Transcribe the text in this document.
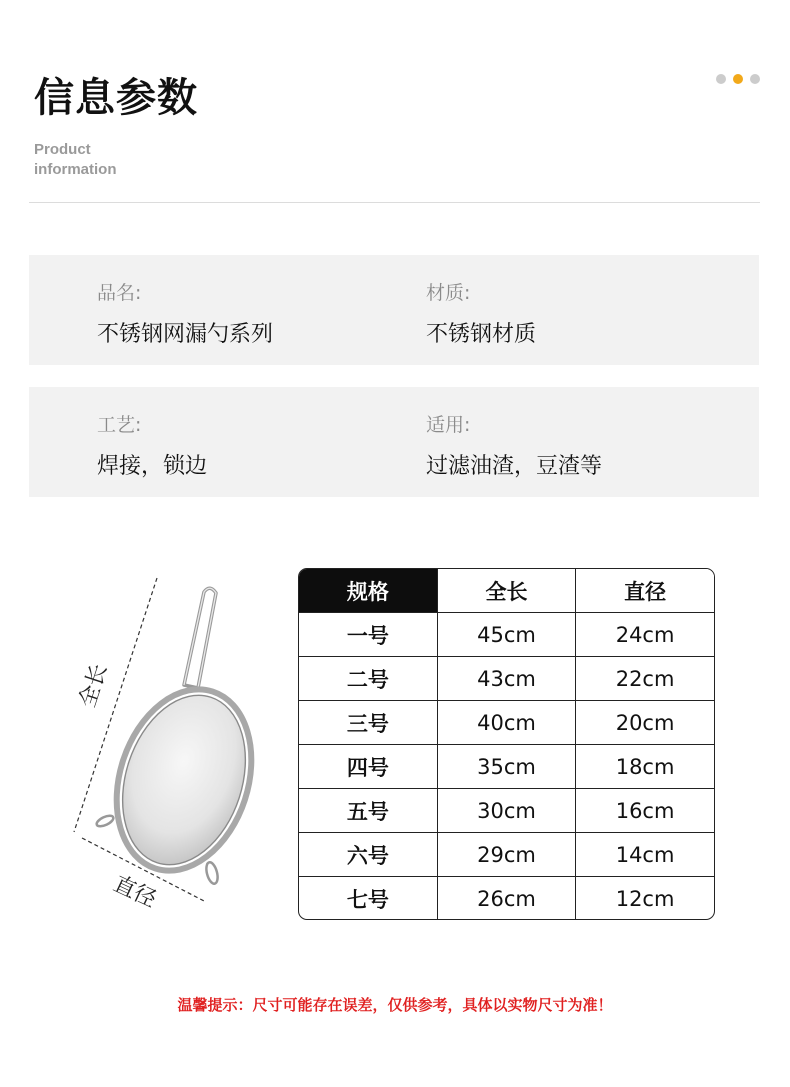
信息参数
Product
information
品名:
不锈钢网漏勺系列
材质:
不锈钢材质
工艺:
焊接，锁边
适用:
过滤油渣，豆渣等
全长
直径
规格	全长	直径
一号	45cm	24cm
二号	43cm	22cm
三号	40cm	20cm
四号	35cm	18cm
五号	30cm	16cm
六号	29cm	14cm
七号	26cm	12cm
温馨提示：尺寸可能存在误差，仅供参考，具体以实物尺寸为准！
